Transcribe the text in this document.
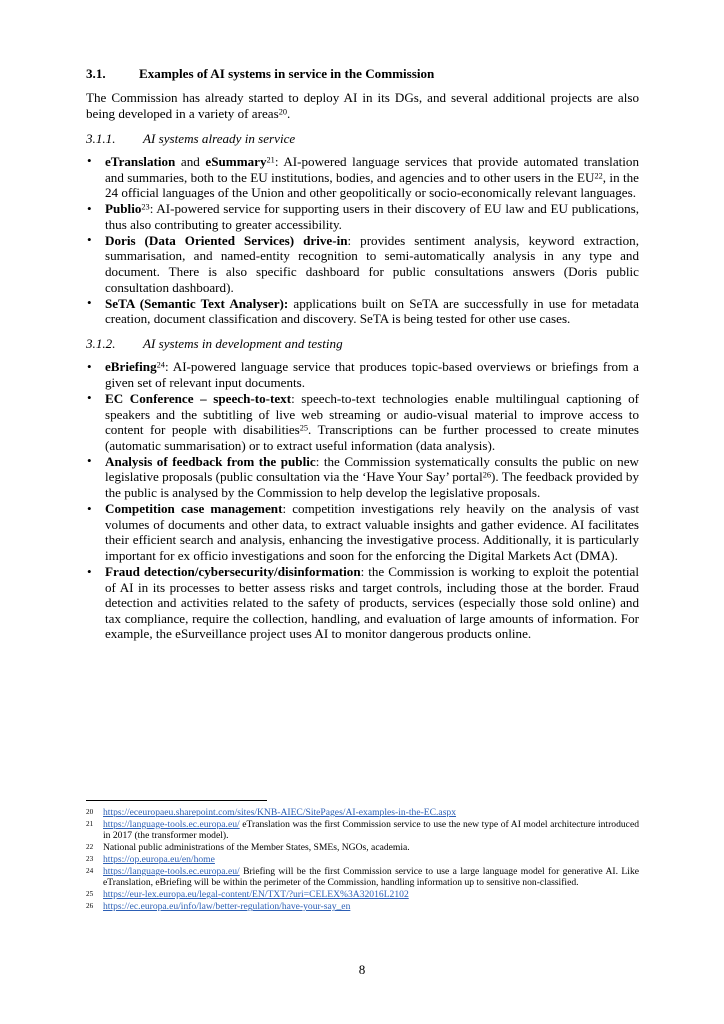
3.1.	Examples of AI systems in service in the Commission

The Commission has already started to deploy AI in its DGs, and several additional projects are also being developed in a variety of areas$^{20}$.

3.1.1.	AI systems already in service
• eTranslation and eSummary$^{21}$: AI-powered language services that provide automated translation and summaries, both to the EU institutions, bodies, and agencies and to other users in the EU$^{22}$, in the 24 official languages of the Union and other geopolitically or socio-economically relevant languages.
• Publio$^{23}$: AI-powered service for supporting users in their discovery of EU law and EU publications, thus also contributing to greater accessibility.
• Doris (Data Oriented Services) drive-in: provides sentiment analysis, keyword extraction, summarisation, and named-entity recognition to semi-automatically analysis in any type and document. There is also specific dashboard for public consultations answers (Doris public consultation dashboard).
• SeTA (Semantic Text Analyser): applications built on SeTA are successfully in use for metadata creation, document classification and discovery. SeTA is being tested for other use cases.
3.1.2.	AI systems in development and testing
• eBriefing$^{24}$: AI-powered language service that produces topic-based overviews or briefings from a given set of relevant input documents.
• EC Conference – speech-to-text: speech-to-text technologies enable multilingual captioning of speakers and the subtitling of live web streaming or audio-visual material to improve access to content for people with disabilities$^{25}$. Transcriptions can be further processed to create minutes (automatic summarisation) or to extract useful information (data analysis).
• Analysis of feedback from the public: the Commission systematically consults the public on new legislative proposals (public consultation via the ‘Have Your Say’ portal$^{26}$). The feedback provided by the public is analysed by the Commission to help develop the legislative proposals.
• Competition case management: competition investigations rely heavily on the analysis of vast volumes of documents and other data, to extract valuable insights and gather evidence. AI facilitates their efficient search and analysis, enhancing the investigative process. Additionally, it is particularly important for ex officio investigations and soon for the enforcing the Digital Markets Act (DMA).
• Fraud detection/cybersecurity/disinformation: the Commission is working to exploit the potential of AI in its processes to better assess risks and target controls, including those at the border. Fraud detection and activities related to the safety of products, services (especially those sold online) and tax compliance, require the collection, handling, and evaluation of large amounts of information. For example, the eSurveillance project uses AI to monitor dangerous products online.
20	https://eceuropaeu.sharepoint.com/sites/KNB-AIEC/SitePages/AI-examples-in-the-EC.aspx
21	https://language-tools.ec.europa.eu/ eTranslation was the first Commission service to use the new type of AI model architecture introduced in 2017 (the transformer model).
22	National public administrations of the Member States, SMEs, NGOs, academia.
23	https://op.europa.eu/en/home
24	https://language-tools.ec.europa.eu/ Briefing will be the first Commission service to use a large language model for generative AI. Like eTranslation, eBriefing will be within the perimeter of the Commission, handling information up to sensitive non-classified.
25	https://eur-lex.europa.eu/legal-content/EN/TXT/?uri=CELEX%3A32016L2102
26	https://ec.europa.eu/info/law/better-regulation/have-your-say_en
8
